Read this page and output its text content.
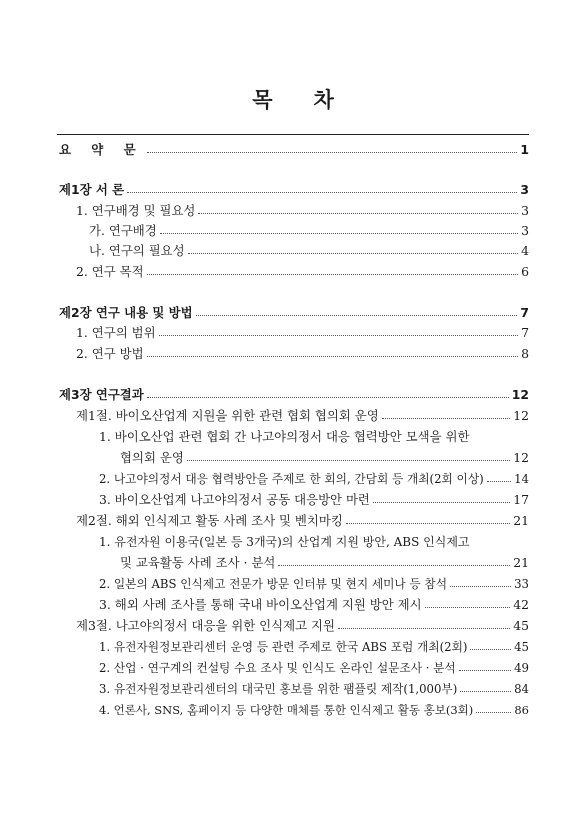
목 차
요 약 문	1
제1장 서 론	3
1. 연구배경 및 필요성	3
가. 연구배경	3
나. 연구의 필요성	4
2. 연구 목적	6
제2장 연구 내용 및 방법	7
1. 연구의 범위	7
2. 연구 방법	8
제3장 연구결과	12
제1절. 바이오산업계 지원을 위한 관련 협회 협의회 운영	12
1. 바이오산업 관련 협회 간 나고야의정서 대응 협력방안 모색을 위한
협의회 운영	12
2. 나고야의정서 대응 협력방안을 주제로 한 회의, 간담회 등 개최(2회 이상)	14
3. 바이오산업계 나고야의정서 공동 대응방안 마련	17
제2절. 해외 인식제고 활동 사례 조사 및 벤치마킹	21
1. 유전자원 이용국(일본 등 3개국)의 산업계 지원 방안, ABS 인식제고
및 교육활동 사례 조사 · 분석	21
2. 일본의 ABS 인식제고 전문가 방문 인터뷰 및 현지 세미나 등 참석	33
3. 해외 사례 조사를 통해 국내 바이오산업계 지원 방안 제시	42
제3절. 나고야의정서 대응을 위한 인식제고 지원	45
1. 유전자원정보관리센터 운영 등 관련 주제로 한국 ABS 포럼 개최(2회)	45
2. 산업 · 연구계의 컨설팅 수요 조사 및 인식도 온라인 설문조사 · 분석	49
3. 유전자원정보관리센터의 대국민 홍보를 위한 팸플릿 제작(1,000부)	84
4. 언론사, SNS, 홈페이지 등 다양한 매체를 통한 인식제고 활동 홍보(3회)	86
